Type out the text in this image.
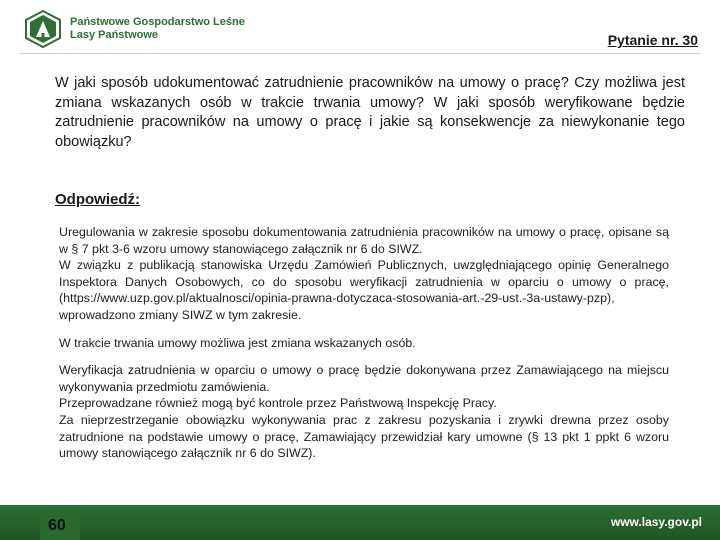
Państwowe Gospodarstwo Leśne
Lasy Państwowe	Pytanie nr. 30
W jaki sposób udokumentować zatrudnienie pracowników na umowy o pracę? Czy możliwa jest zmiana wskazanych osób w trakcie trwania umowy? W jaki sposób weryfikowane będzie zatrudnienie pracowników na umowy o pracę i jakie są konsekwencje za niewykonanie tego obowiązku?
Odpowiedź:

Uregulowania w zakresie sposobu dokumentowania zatrudnienia pracowników na umowy o pracę, opisane są w § 7 pkt 3-6 wzoru umowy stanowiącego załącznik nr 6 do SIWZ.

W związku z publikacją stanowiska Urzędu Zamówień Publicznych, uwzględniającego opinię Generalnego Inspektora Danych Osobowych, co do sposobu weryfikacji zatrudnienia w oparciu o umowy o pracę, (https://www.uzp.gov.pl/aktualnosci/opinia-prawna-dotyczaca-stosowania-art.-29-ust.-3a-ustawy-pzp), wprowadzono zmiany SIWZ w tym zakresie.

W trakcie trwania umowy możliwa jest zmiana wskazanych osób.

Weryfikacja zatrudnienia w oparciu o umowy o pracę będzie dokonywana przez Zamawiającego na miejscu wykonywania przedmiotu zamówienia.

Przeprowadzane również mogą być kontrole przez Państwową Inspekcję Pracy.

Za nieprzestrzeganie obowiązku wykonywania prac z zakresu pozyskania i zrywki drewna przez osoby zatrudnione na podstawie umowy o pracę, Zamawiający przewidział kary umowne (§ 13 pkt 1 ppkt 6 wzoru umowy stanowiącego załącznik nr 6 do SIWZ).

60	www.lasy.gov.pl
